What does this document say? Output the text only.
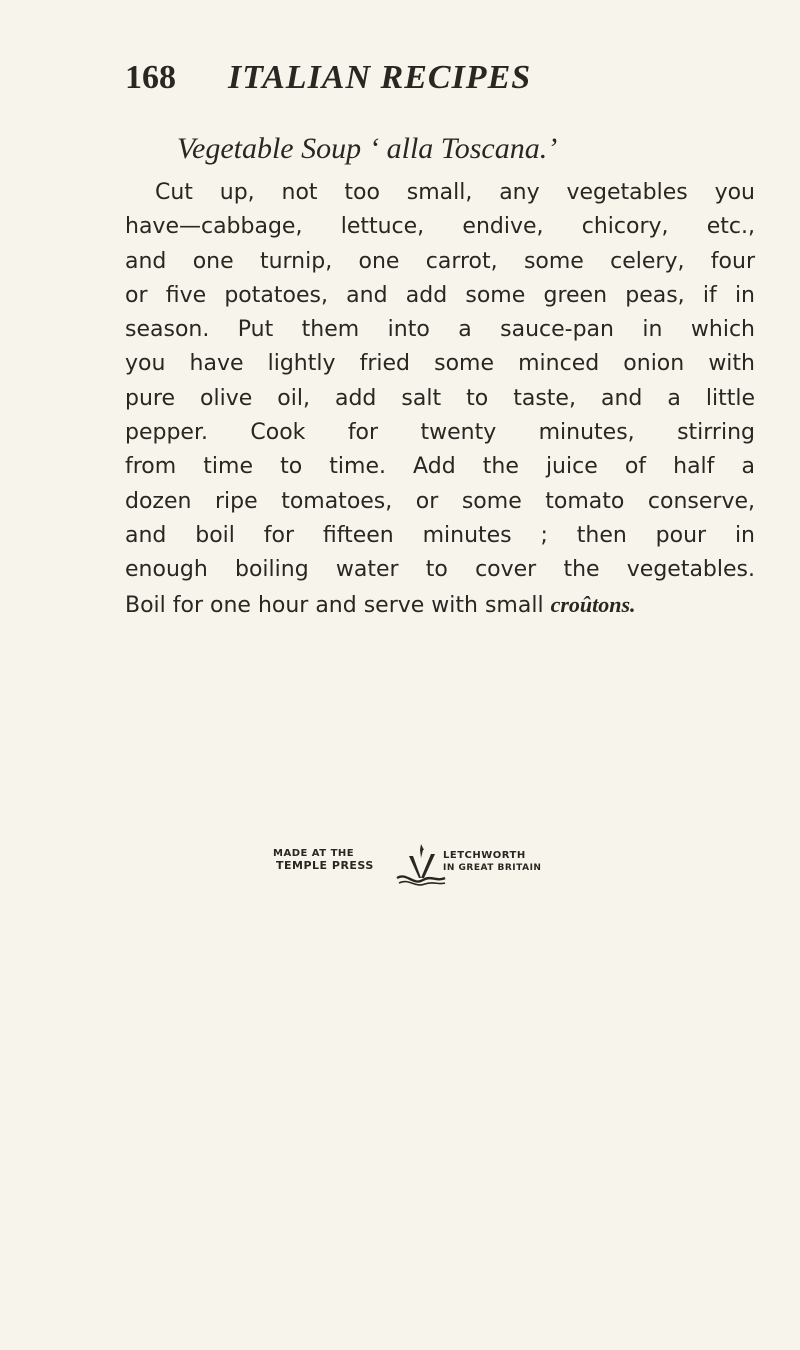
168 ITALIAN RECIPES
Vegetable Soup ‘ alla Toscana.’
Cut up, not too small, any vegetables you
have—cabbage, lettuce, endive, chicory, etc.,
and one turnip, one carrot, some celery, four
or five potatoes, and add some green peas, if in
season. Put them into a sauce-pan in which
you have lightly fried some minced onion with
pure olive oil, add salt to taste, and a little
pepper. Cook for twenty minutes, stirring
from time to time. Add the juice of half a
dozen ripe tomatoes, or some tomato conserve,
and boil for fifteen minutes ; then pour in
enough boiling water to cover the vegetables.
Boil for one hour and serve with small croûtons.
MADE AT THE
TEMPLE PRESS
LETCHWORTH
IN GREAT BRITAIN
